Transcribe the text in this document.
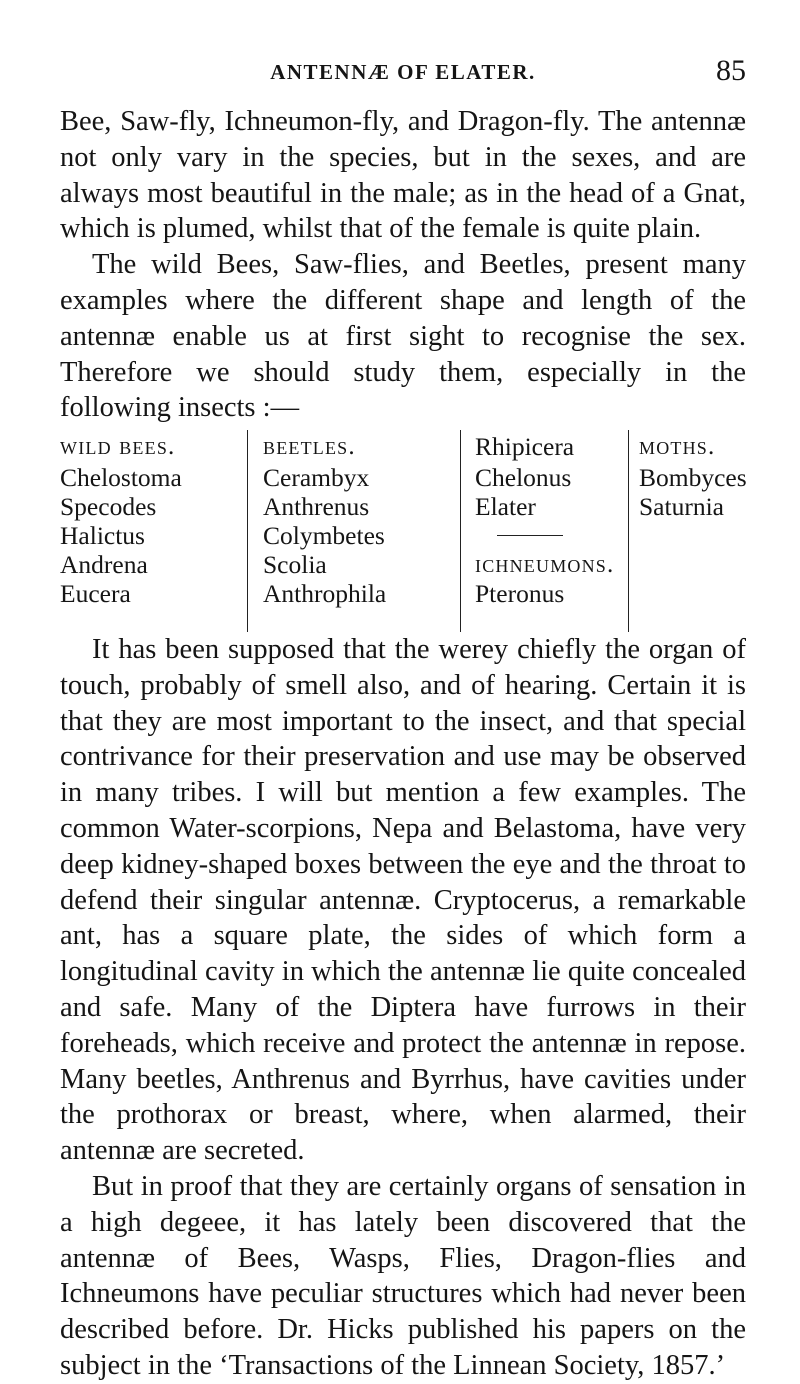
ANTENNÆ OF ELATER.	85

Bee, Saw-fly, Ichneumon-fly, and Dragon-fly. The antennæ not only vary in the species, but in the sexes, and are always most beautiful in the male; as in the head of a Gnat, which is plumed, whilst that of the female is quite plain.

The wild Bees, Saw-flies, and Beetles, present many examples where the different shape and length of the antennæ enable us at first sight to recognise the sex. Therefore we should study them, especially in the following insects :—

wild bees.
Chelostoma
Specodes
Halictus
Andrena
Eucera
beetles.
Cerambyx
Anthrenus
Colymbetes
Scolia
Anthrophila
Rhipicera
Chelonus
Elater
ichneumons.
Pteronus
moths.
Bombyces
Saturnia

It has been supposed that the werey chiefly the organ of touch, probably of smell also, and of hearing. Certain it is that they are most important to the insect, and that special contrivance for their preservation and use may be observed in many tribes. I will but mention a few examples. The common Water-scorpions, Nepa and Belastoma, have very deep kidney-shaped boxes between the eye and the throat to defend their singular antennæ. Cryptocerus, a remarkable ant, has a square plate, the sides of which form a longitudinal cavity in which the antennæ lie quite concealed and safe. Many of the Diptera have furrows in their foreheads, which receive and protect the antennæ in repose. Many beetles, Anthrenus and Byrrhus, have cavities under the prothorax or breast, where, when alarmed, their antennæ are secreted.

But in proof that they are certainly organs of sensation in a high degeee, it has lately been discovered that the antennæ of Bees, Wasps, Flies, Dragon-flies and Ichneumons have peculiar structures which had never been described before. Dr. Hicks published his papers on the subject in the ‘Transactions of the Linnean Society, 1857.’
